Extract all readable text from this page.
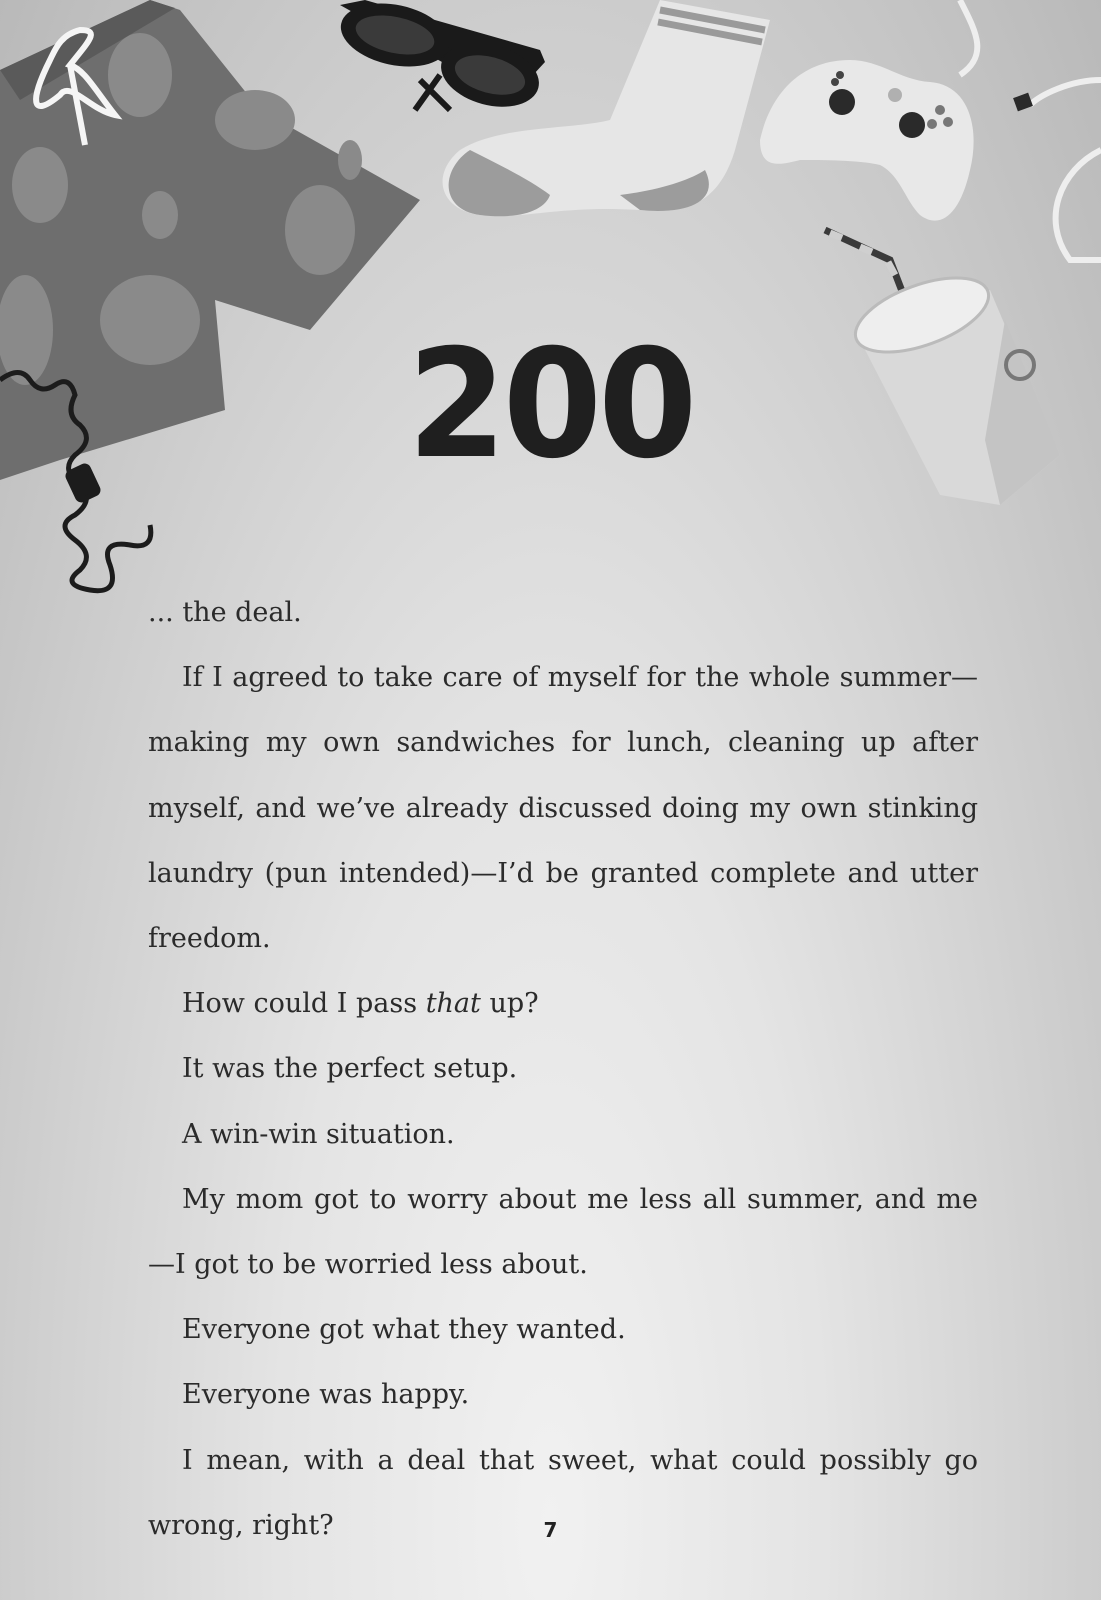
200

... the deal.

If I agreed to take care of myself for the whole summer—making my own sandwiches for lunch, cleaning up after myself, and we’ve already discussed doing my own stinking laundry (pun intended)—I’d be granted complete and utter freedom.

How could I pass that up?

It was the perfect setup.

A win-win situation.

My mom got to worry about me less all summer, and me—I got to be worried less about.

Everyone got what they wanted.

Everyone was happy.

I mean, with a deal that sweet, what could possibly go wrong, right?	7
